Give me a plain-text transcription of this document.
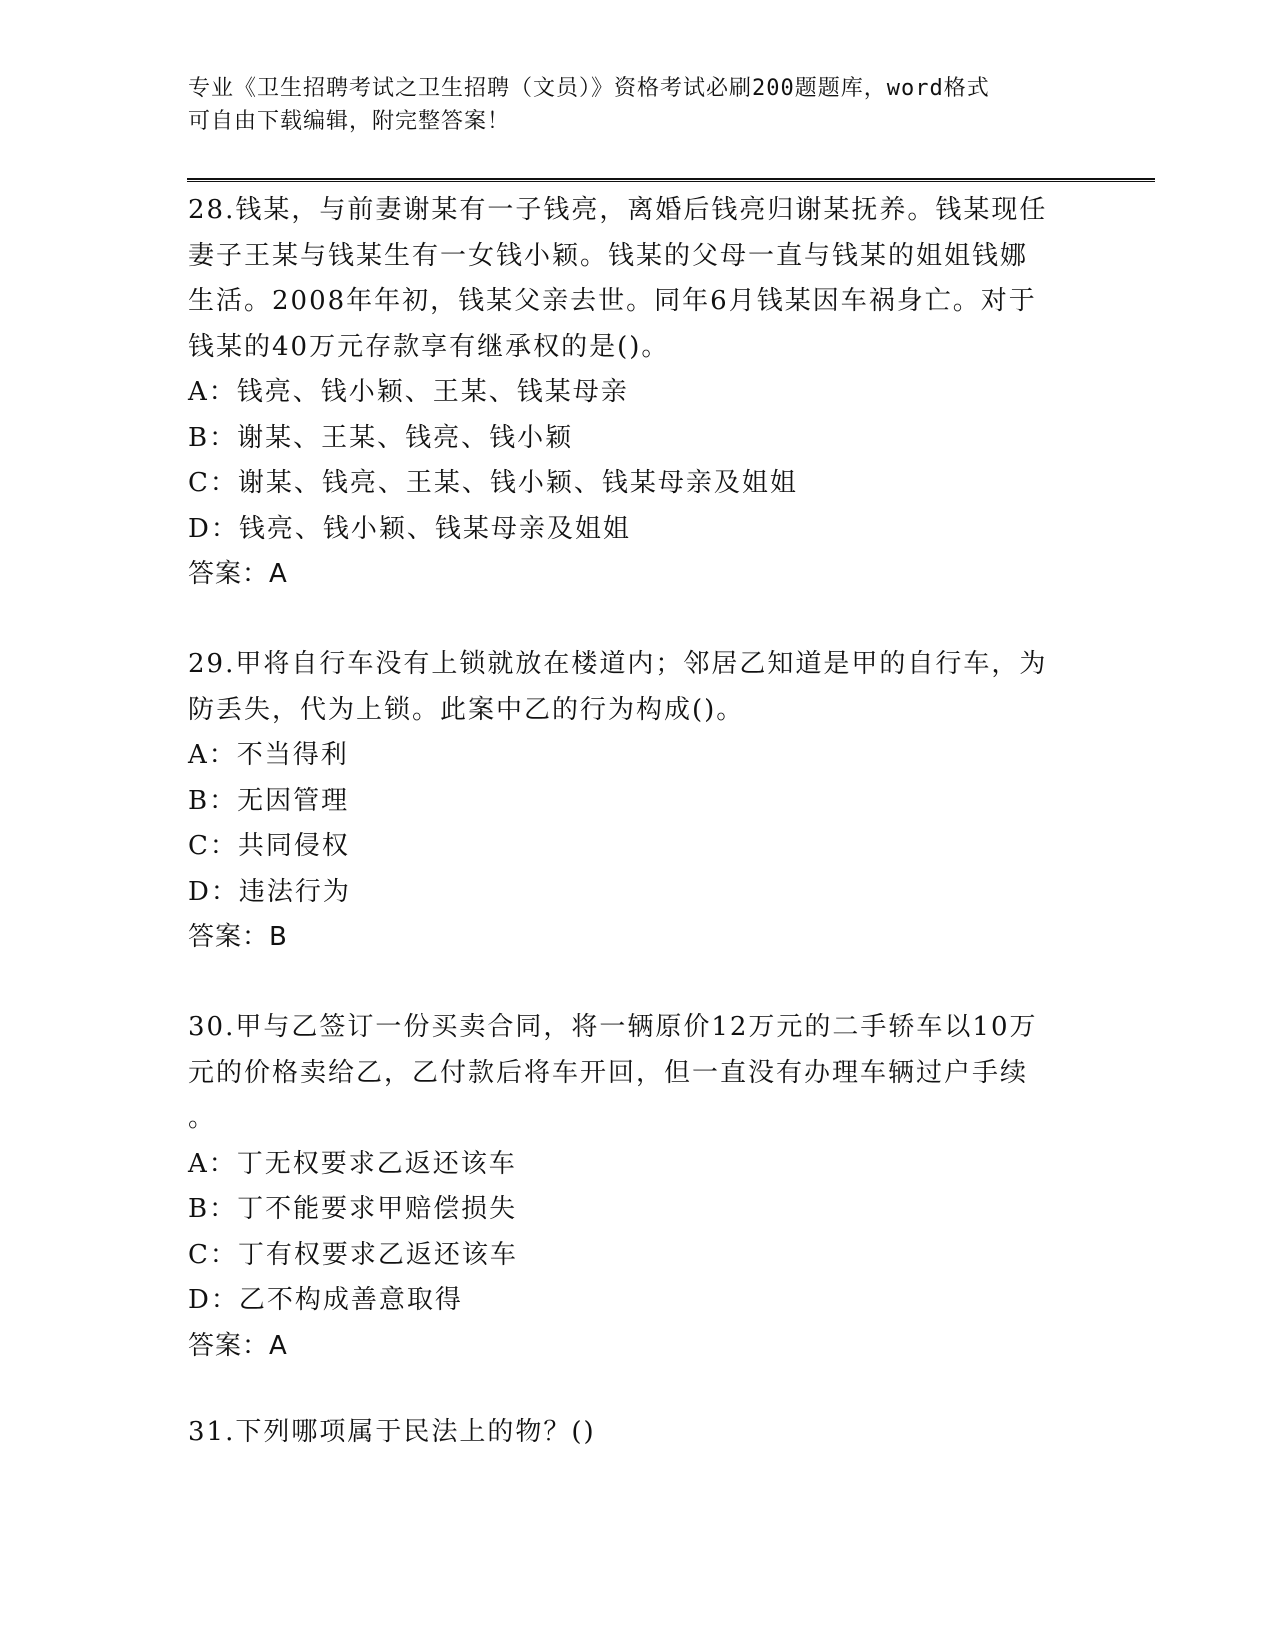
专业《卫生招聘考试之卫生招聘（文员）》资格考试必刷200题题库，word格式
可自由下载编辑，附完整答案！

28.钱某，与前妻谢某有一子钱亮，离婚后钱亮归谢某抚养。钱某现任

妻子王某与钱某生有一女钱小颖。钱某的父母一直与钱某的姐姐钱娜

生活。2008年年初，钱某父亲去世。同年6月钱某因车祸身亡。对于

钱某的40万元存款享有继承权的是()。

A：钱亮、钱小颖、王某、钱某母亲

B：谢某、王某、钱亮、钱小颖

C：谢某、钱亮、王某、钱小颖、钱某母亲及姐姐

D：钱亮、钱小颖、钱某母亲及姐姐

答案：A

29.甲将自行车没有上锁就放在楼道内；邻居乙知道是甲的自行车，为

防丢失，代为上锁。此案中乙的行为构成()。

A：不当得利

B：无因管理

C：共同侵权

D：违法行为

答案：B

30.甲与乙签订一份买卖合同，将一辆原价12万元的二手轿车以10万

元的价格卖给乙，乙付款后将车开回，但一直没有办理车辆过户手续

。

A：丁无权要求乙返还该车

B：丁不能要求甲赔偿损失

C：丁有权要求乙返还该车

D：乙不构成善意取得

答案：A

31.下列哪项属于民法上的物？()
